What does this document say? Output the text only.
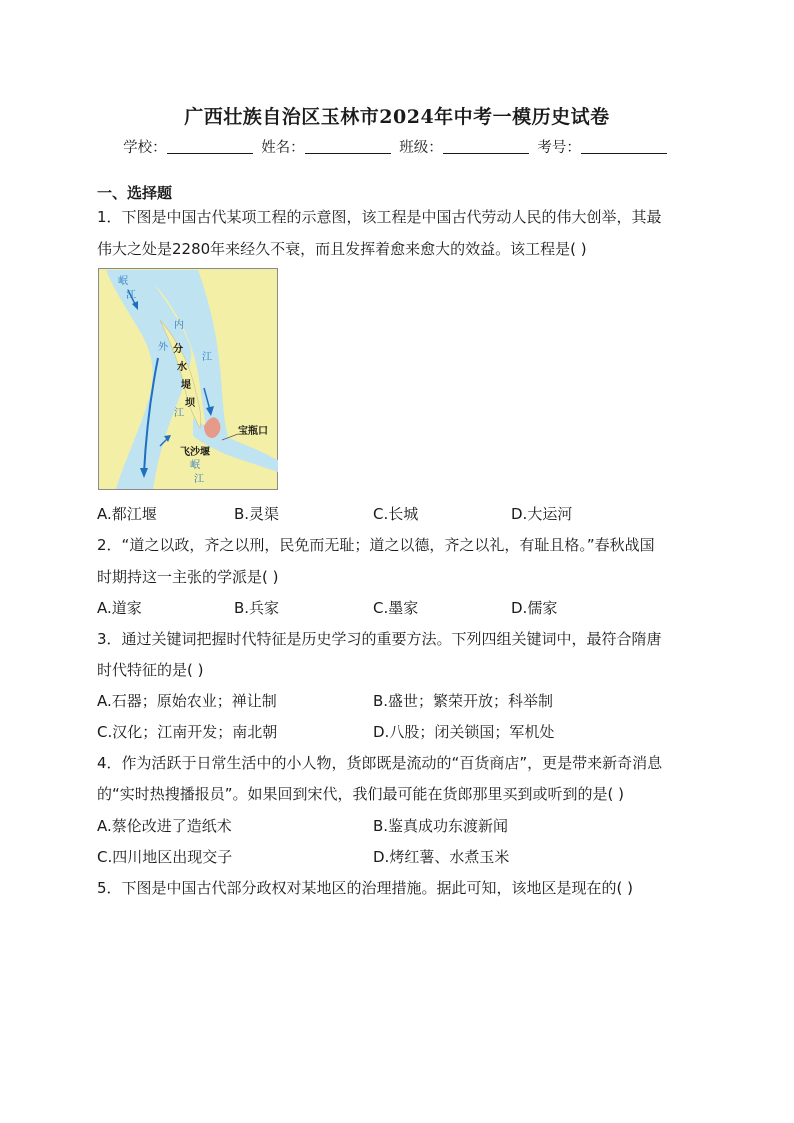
广西壮族自治区玉林市2024年中考一模历史试卷
学校：	姓名：	班级：	考号：
一、选择题
1．下图是中国古代某项工程的示意图，该工程是中国古代劳动人民的伟大创举，其最
伟大之处是2280年来经久不衰，而且发挥着愈来愈大的效益。该工程是( )
岷
江
内
江
外
江
分
水
堤
坝
宝瓶口
飞沙堰
岷
江
A.都江堰	B.灵渠	C.长城	D.大运河
2．“道之以政，齐之以刑，民免而无耻；道之以德，齐之以礼，有耻且格。”春秋战国
时期持这一主张的学派是( )
A.道家	B.兵家	C.墨家	D.儒家
3．通过关键词把握时代特征是历史学习的重要方法。下列四组关键词中，最符合隋唐
时代特征的是( )
A.石器；原始农业；禅让制	B.盛世；繁荣开放；科举制
C.汉化；江南开发；南北朝	D.八股；闭关锁国；军机处
4．作为活跃于日常生活中的小人物，货郎既是流动的“百货商店”，更是带来新奇消息
的“实时热搜播报员”。如果回到宋代，我们最可能在货郎那里买到或听到的是( )
A.蔡伦改进了造纸术	B.鉴真成功东渡新闻
C.四川地区出现交子	D.烤红薯、水煮玉米
5．下图是中国古代部分政权对某地区的治理措施。据此可知，该地区是现在的( )
